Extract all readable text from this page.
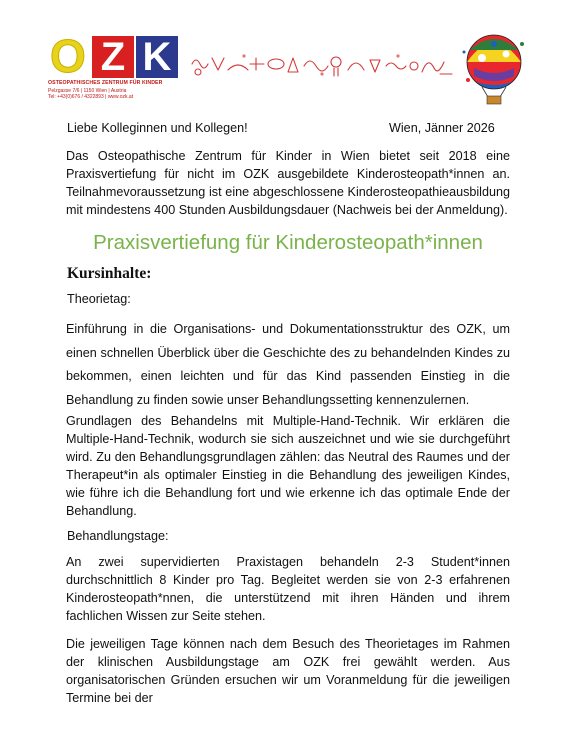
O Z K
OSTEOPATHISCHES ZENTRUM FÜR KINDER
Pelzgasse 7/6 | 1150 Wien | Austria
Tel: +43(0)676 / 4322893 | www.ozk.at
Liebe Kolleginnen und Kollegen!	Wien, Jänner 2026
Das Osteopathische Zentrum für Kinder in Wien bietet seit 2018 eine Praxisvertiefung für nicht im OZK ausgebildete Kinderosteopath*innen an. Teilnahmevoraussetzung ist eine abgeschlossene Kinderosteopathieausbildung mit mindestens 400 Stunden Ausbildungsdauer (Nachweis bei der Anmeldung).
Praxisvertiefung für Kinderosteopath*innen
Kursinhalte:
Theorietag:
Einführung in die Organisations- und Dokumentationsstruktur des OZK, um einen schnellen Überblick über die Geschichte des zu behandelnden Kindes zu bekommen, einen leichten und für das Kind passenden Einstieg in die Behandlung zu finden sowie unser Behandlungssetting kennenzulernen.
Grundlagen des Behandelns mit Multiple-Hand-Technik. Wir erklären die Multiple-Hand-Technik, wodurch sie sich auszeichnet und wie sie durchgeführt wird. Zu den Behandlungsgrundlagen zählen: das Neutral des Raumes und der Therapeut*in als optimaler Einstieg in die Behandlung des jeweiligen Kindes, wie führe ich die Behandlung fort und wie erkenne ich das optimale Ende der Behandlung.
Behandlungstage:
An zwei supervidierten Praxistagen behandeln 2-3 Student*innen durchschnittlich 8 Kinder pro Tag. Begleitet werden sie von 2-3 erfahrenen Kinderosteopath*nnen, die unterstützend mit ihren Händen und ihrem fachlichen Wissen zur Seite stehen.
Die jeweiligen Tage können nach dem Besuch des Theorietages im Rahmen der klinischen Ausbildungstage am OZK frei gewählt werden. Aus organisatorischen Gründen ersuchen wir um Voranmeldung für die jeweiligen Termine bei der
